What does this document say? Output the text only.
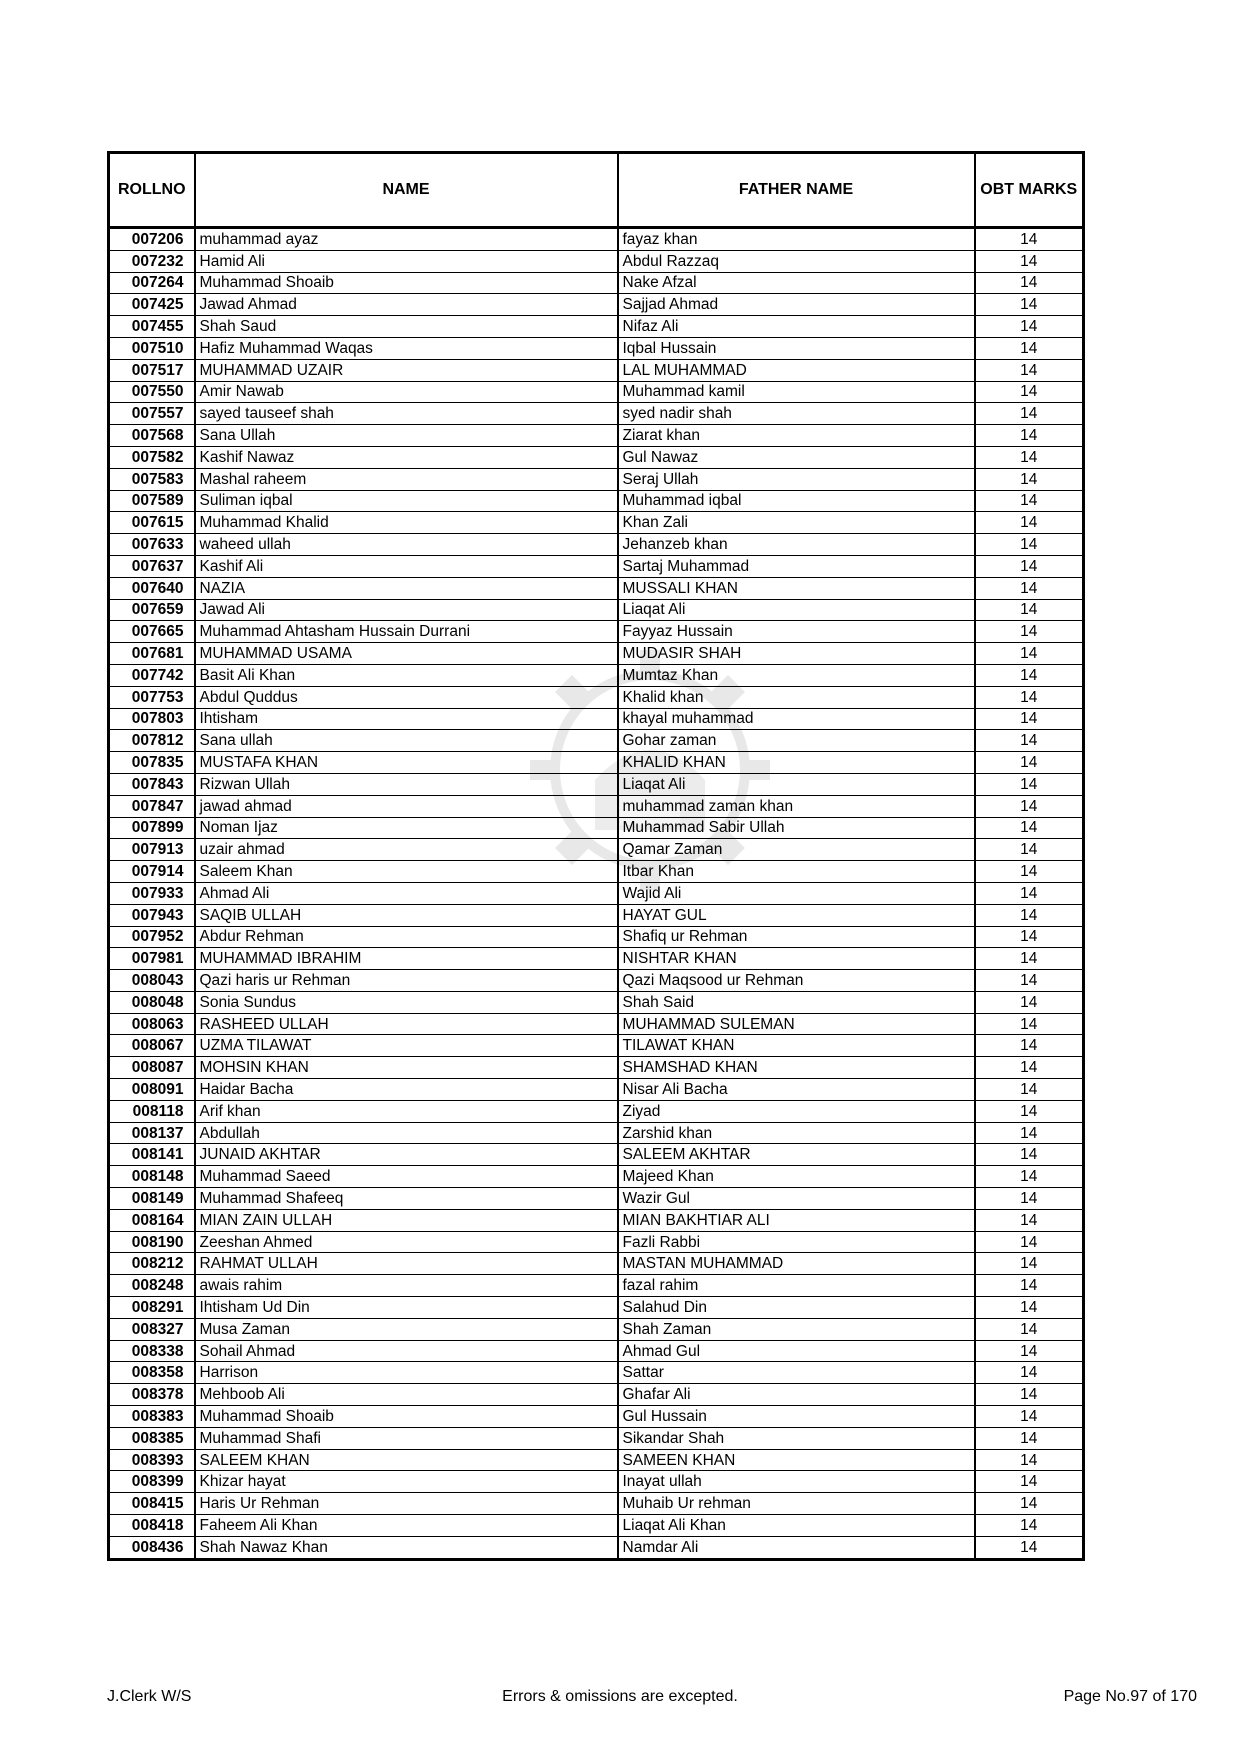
ROLLNO	NAME	FATHER NAME	OBT MARKS
007206	muhammad ayaz	fayaz khan	14
007232	Hamid Ali	Abdul Razzaq	14
007264	Muhammad Shoaib	Nake Afzal	14
007425	Jawad Ahmad	Sajjad Ahmad	14
007455	Shah Saud	Nifaz Ali	14
007510	Hafiz Muhammad Waqas	Iqbal Hussain	14
007517	MUHAMMAD UZAIR	LAL MUHAMMAD	14
007550	Amir Nawab	Muhammad kamil	14
007557	sayed tauseef shah	syed nadir shah	14
007568	Sana Ullah	Ziarat khan	14
007582	Kashif Nawaz	Gul Nawaz	14
007583	Mashal raheem	Seraj Ullah	14
007589	Suliman iqbal	Muhammad iqbal	14
007615	Muhammad Khalid	Khan Zali	14
007633	waheed ullah	Jehanzeb khan	14
007637	Kashif Ali	Sartaj Muhammad	14
007640	NAZIA	MUSSALI KHAN	14
007659	Jawad Ali	Liaqat Ali	14
007665	Muhammad Ahtasham Hussain Durrani	Fayyaz Hussain	14
007681	MUHAMMAD USAMA	MUDASIR SHAH	14
007742	Basit Ali Khan	Mumtaz Khan	14
007753	Abdul Quddus	Khalid khan	14
007803	Ihtisham	khayal muhammad	14
007812	Sana ullah	Gohar zaman	14
007835	MUSTAFA KHAN	KHALID KHAN	14
007843	Rizwan Ullah	Liaqat Ali	14
007847	jawad ahmad	muhammad zaman khan	14
007899	Noman Ijaz	Muhammad Sabir Ullah	14
007913	uzair ahmad	Qamar Zaman	14
007914	Saleem Khan	Itbar Khan	14
007933	Ahmad Ali	Wajid Ali	14
007943	SAQIB ULLAH	HAYAT GUL	14
007952	Abdur Rehman	Shafiq ur Rehman	14
007981	MUHAMMAD IBRAHIM	NISHTAR KHAN	14
008043	Qazi haris ur Rehman	Qazi Maqsood ur Rehman	14
008048	Sonia Sundus	Shah Said	14
008063	RASHEED ULLAH	MUHAMMAD SULEMAN	14
008067	UZMA TILAWAT	TILAWAT KHAN	14
008087	MOHSIN KHAN	SHAMSHAD KHAN	14
008091	Haidar Bacha	Nisar Ali Bacha	14
008118	Arif khan	Ziyad	14
008137	Abdullah	Zarshid khan	14
008141	JUNAID AKHTAR	SALEEM AKHTAR	14
008148	Muhammad Saeed	Majeed Khan	14
008149	Muhammad Shafeeq	Wazir Gul	14
008164	MIAN ZAIN ULLAH	MIAN BAKHTIAR ALI	14
008190	Zeeshan Ahmed	Fazli Rabbi	14
008212	RAHMAT ULLAH	MASTAN MUHAMMAD	14
008248	awais rahim	fazal rahim	14
008291	Ihtisham Ud Din	Salahud Din	14
008327	Musa Zaman	Shah Zaman	14
008338	Sohail Ahmad	Ahmad Gul	14
008358	Harrison	Sattar	14
008378	Mehboob Ali	Ghafar Ali	14
008383	Muhammad Shoaib	Gul Hussain	14
008385	Muhammad Shafi	Sikandar Shah	14
008393	SALEEM KHAN	SAMEEN KHAN	14
008399	Khizar hayat	Inayat ullah	14
008415	Haris Ur Rehman	Muhaib Ur rehman	14
008418	Faheem Ali Khan	Liaqat Ali Khan	14
008436	Shah Nawaz Khan	Namdar Ali	14
J.Clerk W/S	Errors & omissions are excepted.	Page No.97 of 170
